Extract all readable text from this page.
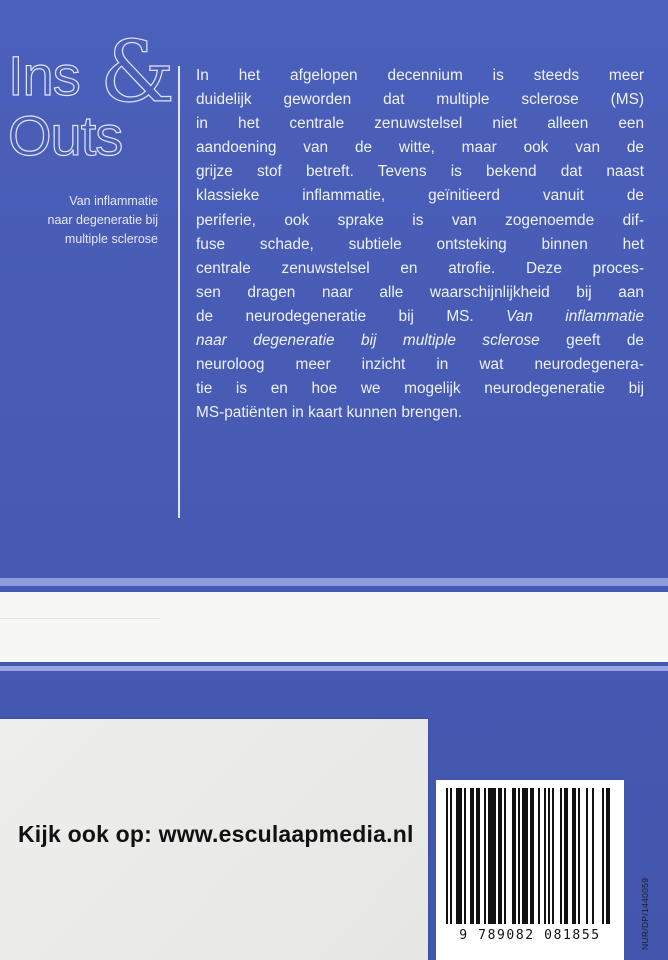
Ins &
Outs
Van inflammatie
naar degeneratie bij
multiple sclerose
In het afgelopen decennium is steeds meer
duidelijk geworden dat multiple sclerose (MS)
in het centrale zenuwstelsel niet alleen een
aandoening van de witte, maar ook van de
grijze stof betreft. Tevens is bekend dat naast
klassieke inflammatie, geïnitieerd vanuit de
periferie, ook sprake is van zogenoemde dif-
fuse schade, subtiele ontsteking binnen het
centrale zenuwstelsel en atrofie. Deze proces-
sen dragen naar alle waarschijnlijkheid bij aan
de neurodegeneratie bij MS. Van inflammatie
naar degeneratie bij multiple sclerose geeft de
neuroloog meer inzicht in wat neurodegenera-
tie is en hoe we mogelijk neurodegeneratie bij
MS-patiënten in kaart kunnen brengen.
Kijk ook op: www.esculaapmedia.nl
9 789082 081855	NUR/DP/1440059
